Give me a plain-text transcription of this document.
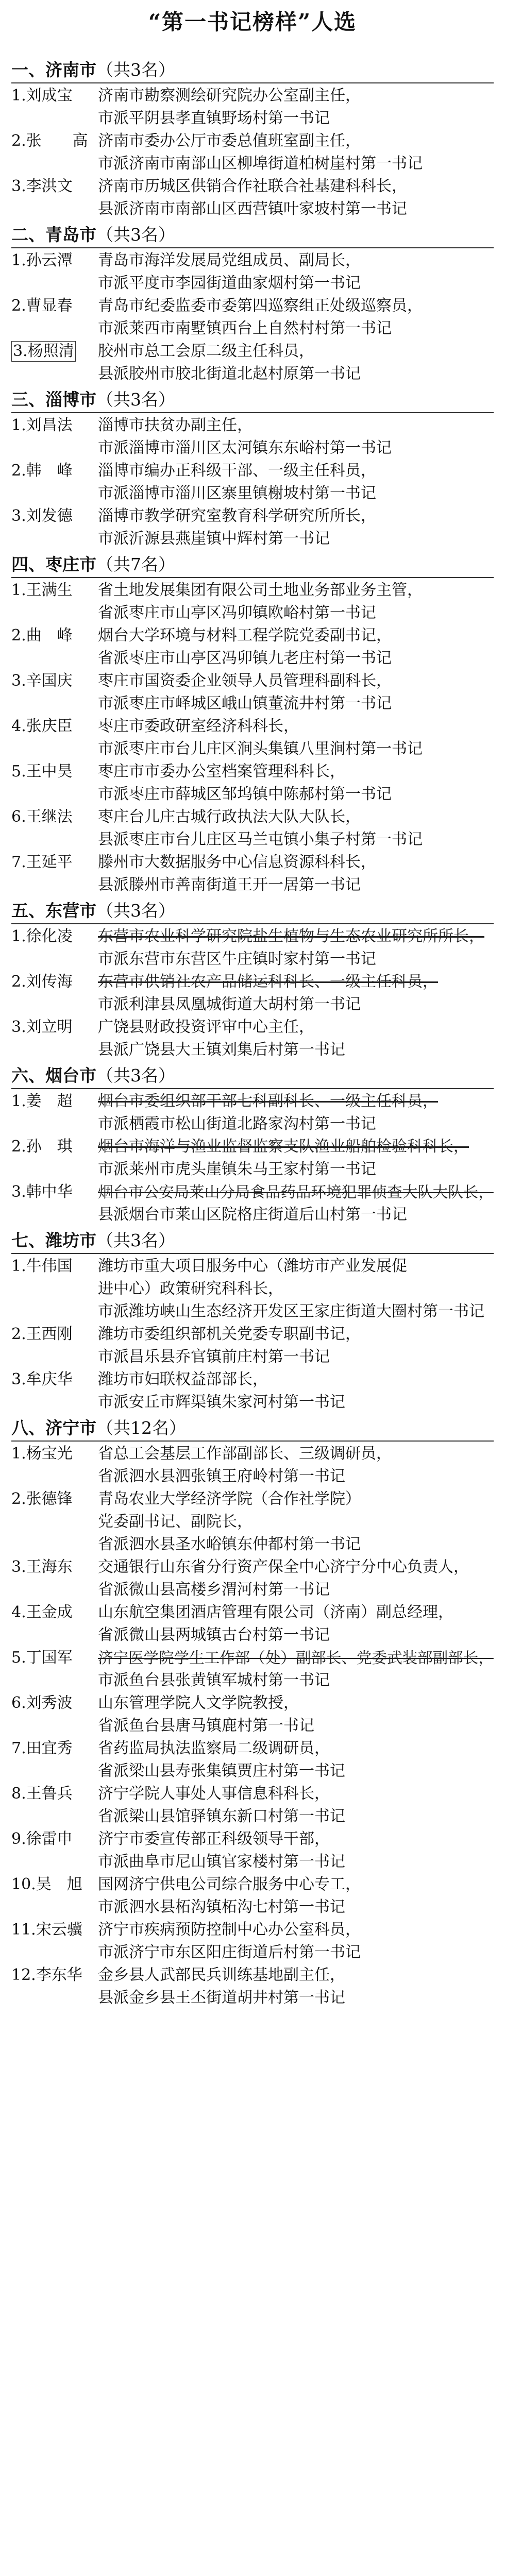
“第一书记榜样”人选
一、济南市（共3名）
1.刘成宝	济南市勘察测绘研究院办公室副主任，
市派平阴县孝直镇野场村第一书记
2.张　　高 济南市委办公厅市委总值班室副主任，
市派济南市南部山区柳埠街道柏树崖村第一书记
3.李洪文	济南市历城区供销合作社联合社基建科科长，
县派济南市南部山区西营镇叶家坡村第一书记
二、青岛市（共3名）
1.孙云潭	青岛市海洋发展局党组成员、副局长，
市派平度市李园街道曲家烟村第一书记
2.曹显春	青岛市纪委监委市委第四巡察组正处级巡察员，
市派莱西市南墅镇西台上自然村村第一书记
3.杨照清	胶州市总工会原二级主任科员，
县派胶州市胶北街道北赵村原第一书记
三、淄博市（共3名）
1.刘昌法	淄博市扶贫办副主任，
市派淄博市淄川区太河镇东东峪村第一书记
2.韩　峰	淄博市编办正科级干部、一级主任科员，
市派淄博市淄川区寨里镇榭坡村第一书记
3.刘发德	淄博市教学研究室教育科学研究所所长，
市派沂源县燕崖镇中辉村第一书记
四、枣庄市（共7名）
1.王满生	省土地发展集团有限公司土地业务部业务主管，
省派枣庄市山亭区冯卯镇欧峪村第一书记
2.曲　峰	烟台大学环境与材料工程学院党委副书记，
省派枣庄市山亭区冯卯镇九老庄村第一书记
3.辛国庆	枣庄市国资委企业领导人员管理科副科长，
市派枣庄市峄城区峨山镇董流井村第一书记
4.张庆臣	枣庄市委政研室经济科科长，
市派枣庄市台儿庄区涧头集镇八里涧村第一书记
5.王中昊	枣庄市市委办公室档案管理科科长，
市派枣庄市薛城区邹坞镇中陈郝村第一书记
6.王继法	枣庄台儿庄古城行政执法大队大队长，
县派枣庄市台儿庄区马兰屯镇小集子村第一书记
7.王延平	滕州市大数据服务中心信息资源科科长，
县派滕州市善南街道王开一居第一书记
五、东营市（共3名）
1.徐化凌	东营市农业科学研究院盐生植物与生态农业研究所所长，
市派东营市东营区牛庄镇时家村第一书记
2.刘传海	东营市供销社农产品储运科科长、一级主任科员，
市派利津县凤凰城街道大胡村第一书记
3.刘立明	广饶县财政投资评审中心主任，
县派广饶县大王镇刘集后村第一书记
六、烟台市（共3名）
1.姜　超	烟台市委组织部干部七科副科长、一级主任科员，
市派栖霞市松山街道北路家沟村第一书记
2.孙　琪	烟台市海洋与渔业监督监察支队渔业船舶检验科科长，
市派莱州市虎头崖镇朱马王家村第一书记
3.韩中华	烟台市公安局莱山分局食品药品环境犯罪侦查大队大队长，
县派烟台市莱山区院格庄街道后山村第一书记
七、潍坊市（共3名）
1.牛伟国	潍坊市重大项目服务中心（潍坊市产业发展促
进中心）政策研究科科长，
市派潍坊峡山生态经济开发区王家庄街道大圈村第一书记
2.王西刚	潍坊市委组织部机关党委专职副书记，
市派昌乐县乔官镇前庄村第一书记
3.牟庆华	潍坊市妇联权益部部长，
市派安丘市辉渠镇朱家河村第一书记
八、济宁市（共12名）
1.杨宝光	省总工会基层工作部副部长、三级调研员，
省派泗水县泗张镇王府岭村第一书记
2.张德锋	青岛农业大学经济学院（合作社学院）
党委副书记、副院长，
省派泗水县圣水峪镇东仲都村第一书记
3.王海东	交通银行山东省分行资产保全中心济宁分中心负责人，
省派微山县高楼乡渭河村第一书记
4.王金成	山东航空集团酒店管理有限公司（济南）副总经理，
省派微山县两城镇古台村第一书记
5.丁国军	济宁医学院学生工作部（处）副部长、党委武装部副部长，
市派鱼台县张黄镇军城村第一书记
6.刘秀波	山东管理学院人文学院教授，
省派鱼台县唐马镇鹿村第一书记
7.田宜秀	省药监局执法监察局二级调研员，
省派梁山县寿张集镇贾庄村第一书记
8.王鲁兵	济宁学院人事处人事信息科科长，
省派梁山县馆驿镇东新口村第一书记
9.徐雷申	济宁市委宣传部正科级领导干部，
市派曲阜市尼山镇官家楼村第一书记
10.吴　旭	国网济宁供电公司综合服务中心专工，
市派泗水县柘沟镇柘沟七村第一书记
11.宋云骥	济宁市疾病预防控制中心办公室科员，
市派济宁市东区阳庄街道后村第一书记
12.李东华	金乡县人武部民兵训练基地副主任，
县派金乡县王丕街道胡井村第一书记
